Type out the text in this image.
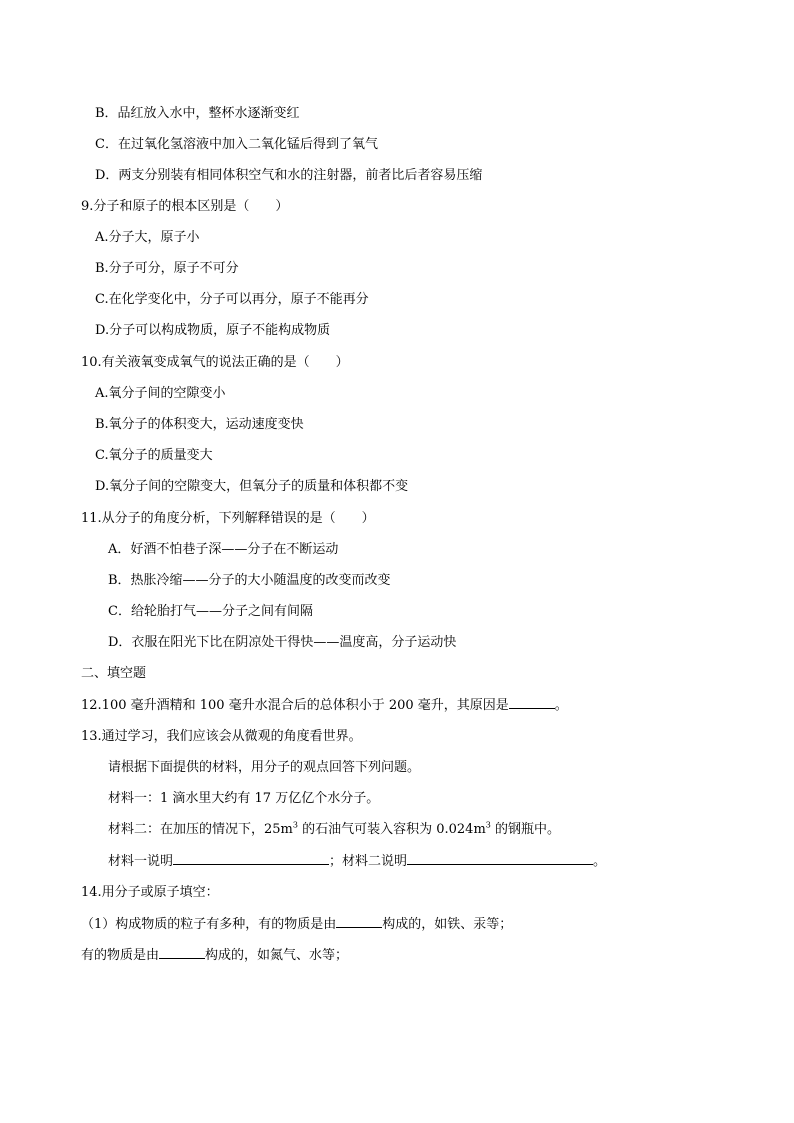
B．品红放入水中，整杯水逐渐变红
C．在过氧化氢溶液中加入二氧化锰后得到了氧气
D．两支分别装有相同体积空气和水的注射器，前者比后者容易压缩
9.分子和原子的根本区别是（　　）
A.分子大，原子小
B.分子可分，原子不可分
C.在化学变化中，分子可以再分，原子不能再分
D.分子可以构成物质，原子不能构成物质
10.有关液氧变成氧气的说法正确的是（　　）
A.氧分子间的空隙变小
B.氧分子的体积变大，运动速度变快
C.氧分子的质量变大
D.氧分子间的空隙变大，但氧分子的质量和体积都不变
11.从分子的角度分析，下列解释错误的是（　　）
A．好酒不怕巷子深——分子在不断运动
B．热胀冷缩——分子的大小随温度的改变而改变
C．给轮胎打气——分子之间有间隔
D．衣服在阳光下比在阴凉处干得快——温度高，分子运动快
二、填空题
12.100 毫升酒精和 100 毫升水混合后的总体积小于 200 毫升，其原因是	。
13.通过学习，我们应该会从微观的角度看世界。
请根据下面提供的材料，用分子的观点回答下列问题。
材料一：1 滴水里大约有 17 万亿亿个水分子。
材料二：在加压的情况下，$25m^3$ 的石油气可装入容积为 $0.024m^3$ 的钢瓶中。
材料一说明	；材料二说明	。
14.用分子或原子填空：
（1）构成物质的粒子有多种，有的物质是由	构成的，如铁、汞等；
有的物质是由	构成的，如氮气、水等；
